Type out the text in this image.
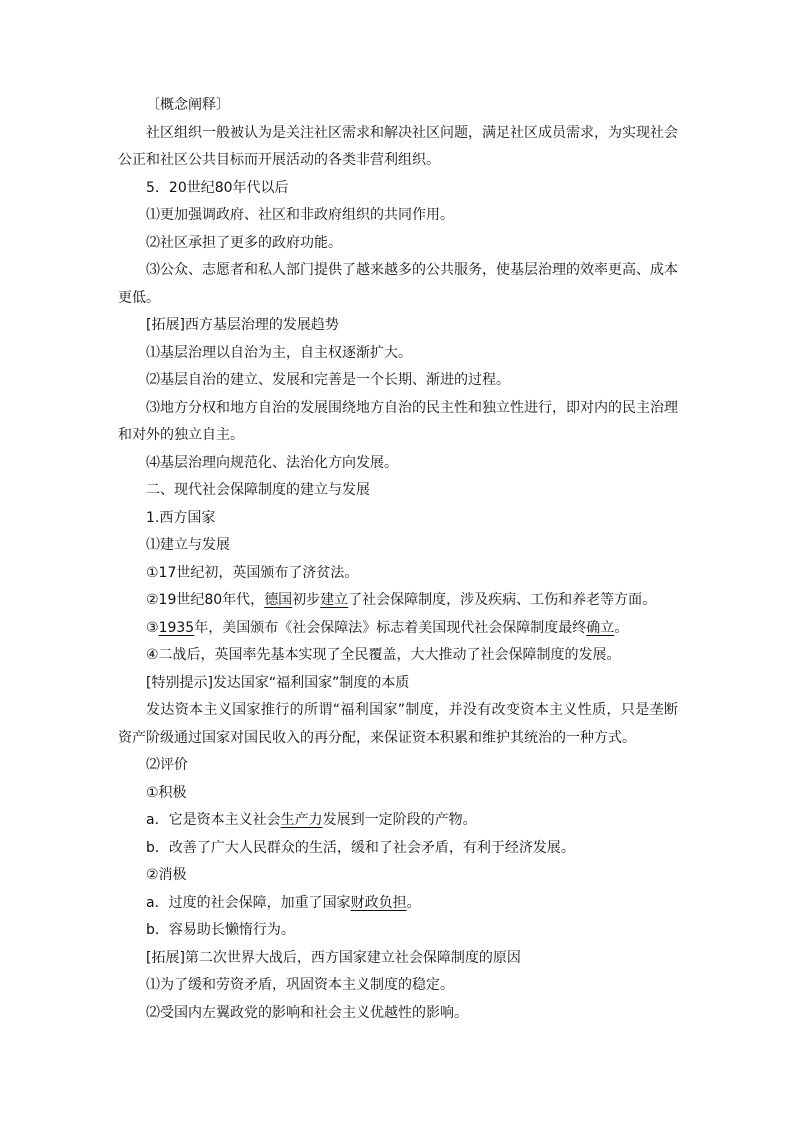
〔概念阐释〕

社区组织一般被认为是关注社区需求和解决社区问题，满足社区成员需求，为实现社会公正和社区公共目标而开展活动的各类非营利组织。

5．20世纪80年代以后

⑴更加强调政府、社区和非政府组织的共同作用。

⑵社区承担了更多的政府功能。

⑶公众、志愿者和私人部门提供了越来越多的公共服务，使基层治理的效率更高、成本更低。

[拓展]西方基层治理的发展趋势

⑴基层治理以自治为主，自主权逐渐扩大。

⑵基层自治的建立、发展和完善是一个长期、渐进的过程。

⑶地方分权和地方自治的发展围绕地方自治的民主性和独立性进行，即对内的民主治理和对外的独立自主。

⑷基层治理向规范化、法治化方向发展。

二、现代社会保障制度的建立与发展

1.西方国家

⑴建立与发展

①17世纪初，英国颁布了济贫法。

②19世纪80年代，德国初步建立了社会保障制度，涉及疾病、工伤和养老等方面。

③1935年，美国颁布《社会保障法》标志着美国现代社会保障制度最终确立。

④二战后，英国率先基本实现了全民覆盖，大大推动了社会保障制度的发展。

[特别提示]发达国家“福利国家”制度的本质

发达资本主义国家推行的所谓“福利国家”制度，并没有改变资本主义性质，只是垄断资产阶级通过国家对国民收入的再分配，来保证资本积累和维护其统治的一种方式。

⑵评价

①积极

a．它是资本主义社会生产力发展到一定阶段的产物。

b．改善了广大人民群众的生活，缓和了社会矛盾，有利于经济发展。

②消极

a．过度的社会保障，加重了国家财政负担。

b．容易助长懒惰行为。

[拓展]第二次世界大战后，西方国家建立社会保障制度的原因

⑴为了缓和劳资矛盾，巩固资本主义制度的稳定。

⑵受国内左翼政党的影响和社会主义优越性的影响。
